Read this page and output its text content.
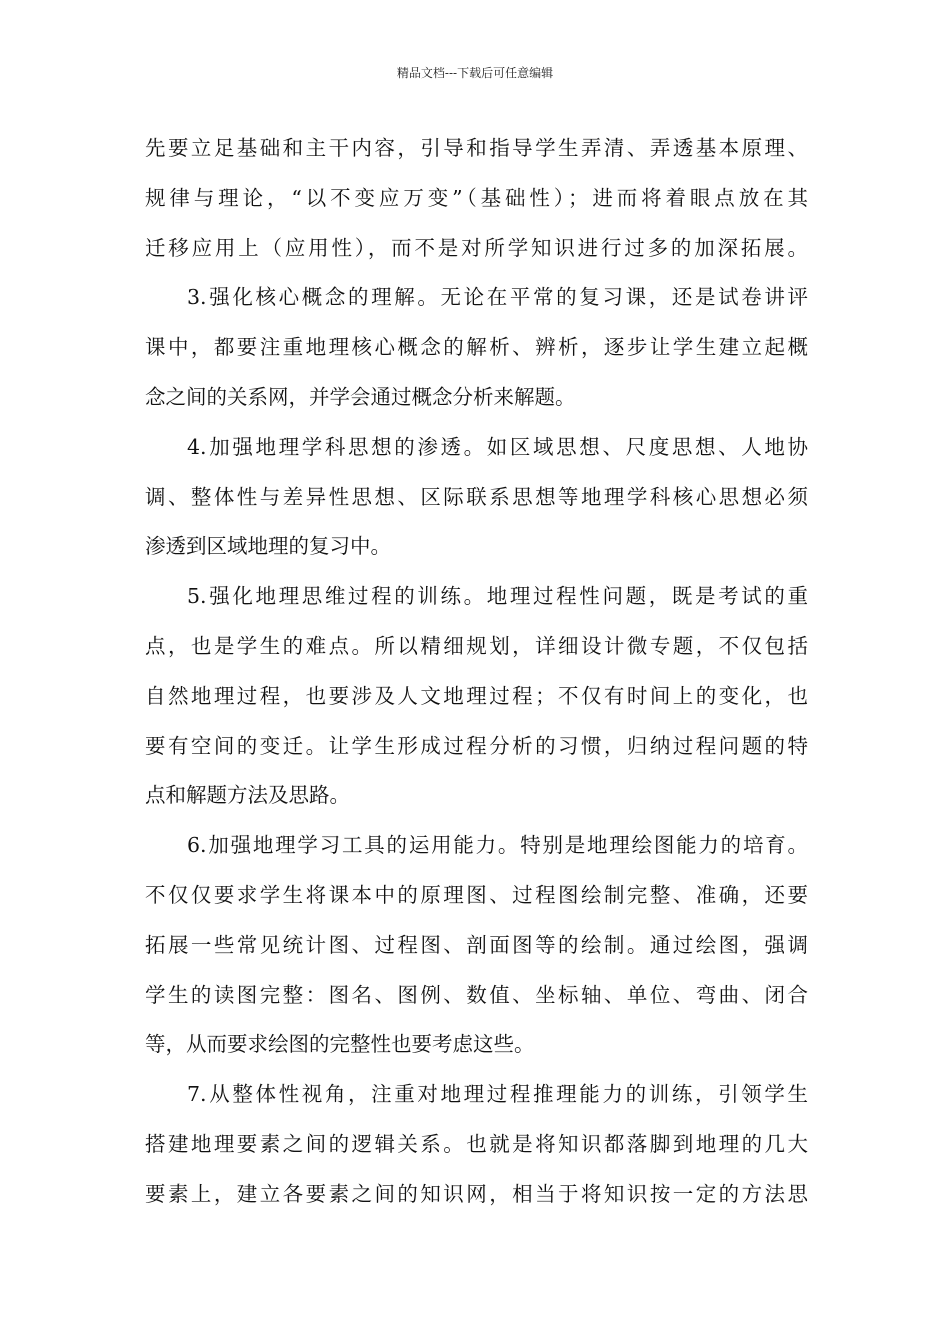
精品文档---下载后可任意编辑
先要立足基础和主干内容，引导和指导学生弄清、弄透基本原理、
规律与理论，“以不变应万变”（基础性）；进而将着眼点放在其
迁移应用上（应用性），而不是对所学知识进行过多的加深拓展。
3.强化核心概念的理解。无论在平常的复习课，还是试卷讲评
课中，都要注重地理核心概念的解析、辨析，逐步让学生建立起概
念之间的关系网，并学会通过概念分析来解题。
4.加强地理学科思想的渗透。如区域思想、尺度思想、人地协
调、整体性与差异性思想、区际联系思想等地理学科核心思想必须
渗透到区域地理的复习中。
5.强化地理思维过程的训练。地理过程性问题，既是考试的重
点，也是学生的难点。所以精细规划，详细设计微专题，不仅包括
自然地理过程，也要涉及人文地理过程；不仅有时间上的变化，也
要有空间的变迁。让学生形成过程分析的习惯，归纳过程问题的特
点和解题方法及思路。
6.加强地理学习工具的运用能力。特别是地理绘图能力的培育。
不仅仅要求学生将课本中的原理图、过程图绘制完整、准确，还要
拓展一些常见统计图、过程图、剖面图等的绘制。通过绘图，强调
学生的读图完整：图名、图例、数值、坐标轴、单位、弯曲、闭合
等，从而要求绘图的完整性也要考虑这些。
7.从整体性视角，注重对地理过程推理能力的训练，引领学生
搭建地理要素之间的逻辑关系。也就是将知识都落脚到地理的几大
要素上，建立各要素之间的知识网，相当于将知识按一定的方法思
